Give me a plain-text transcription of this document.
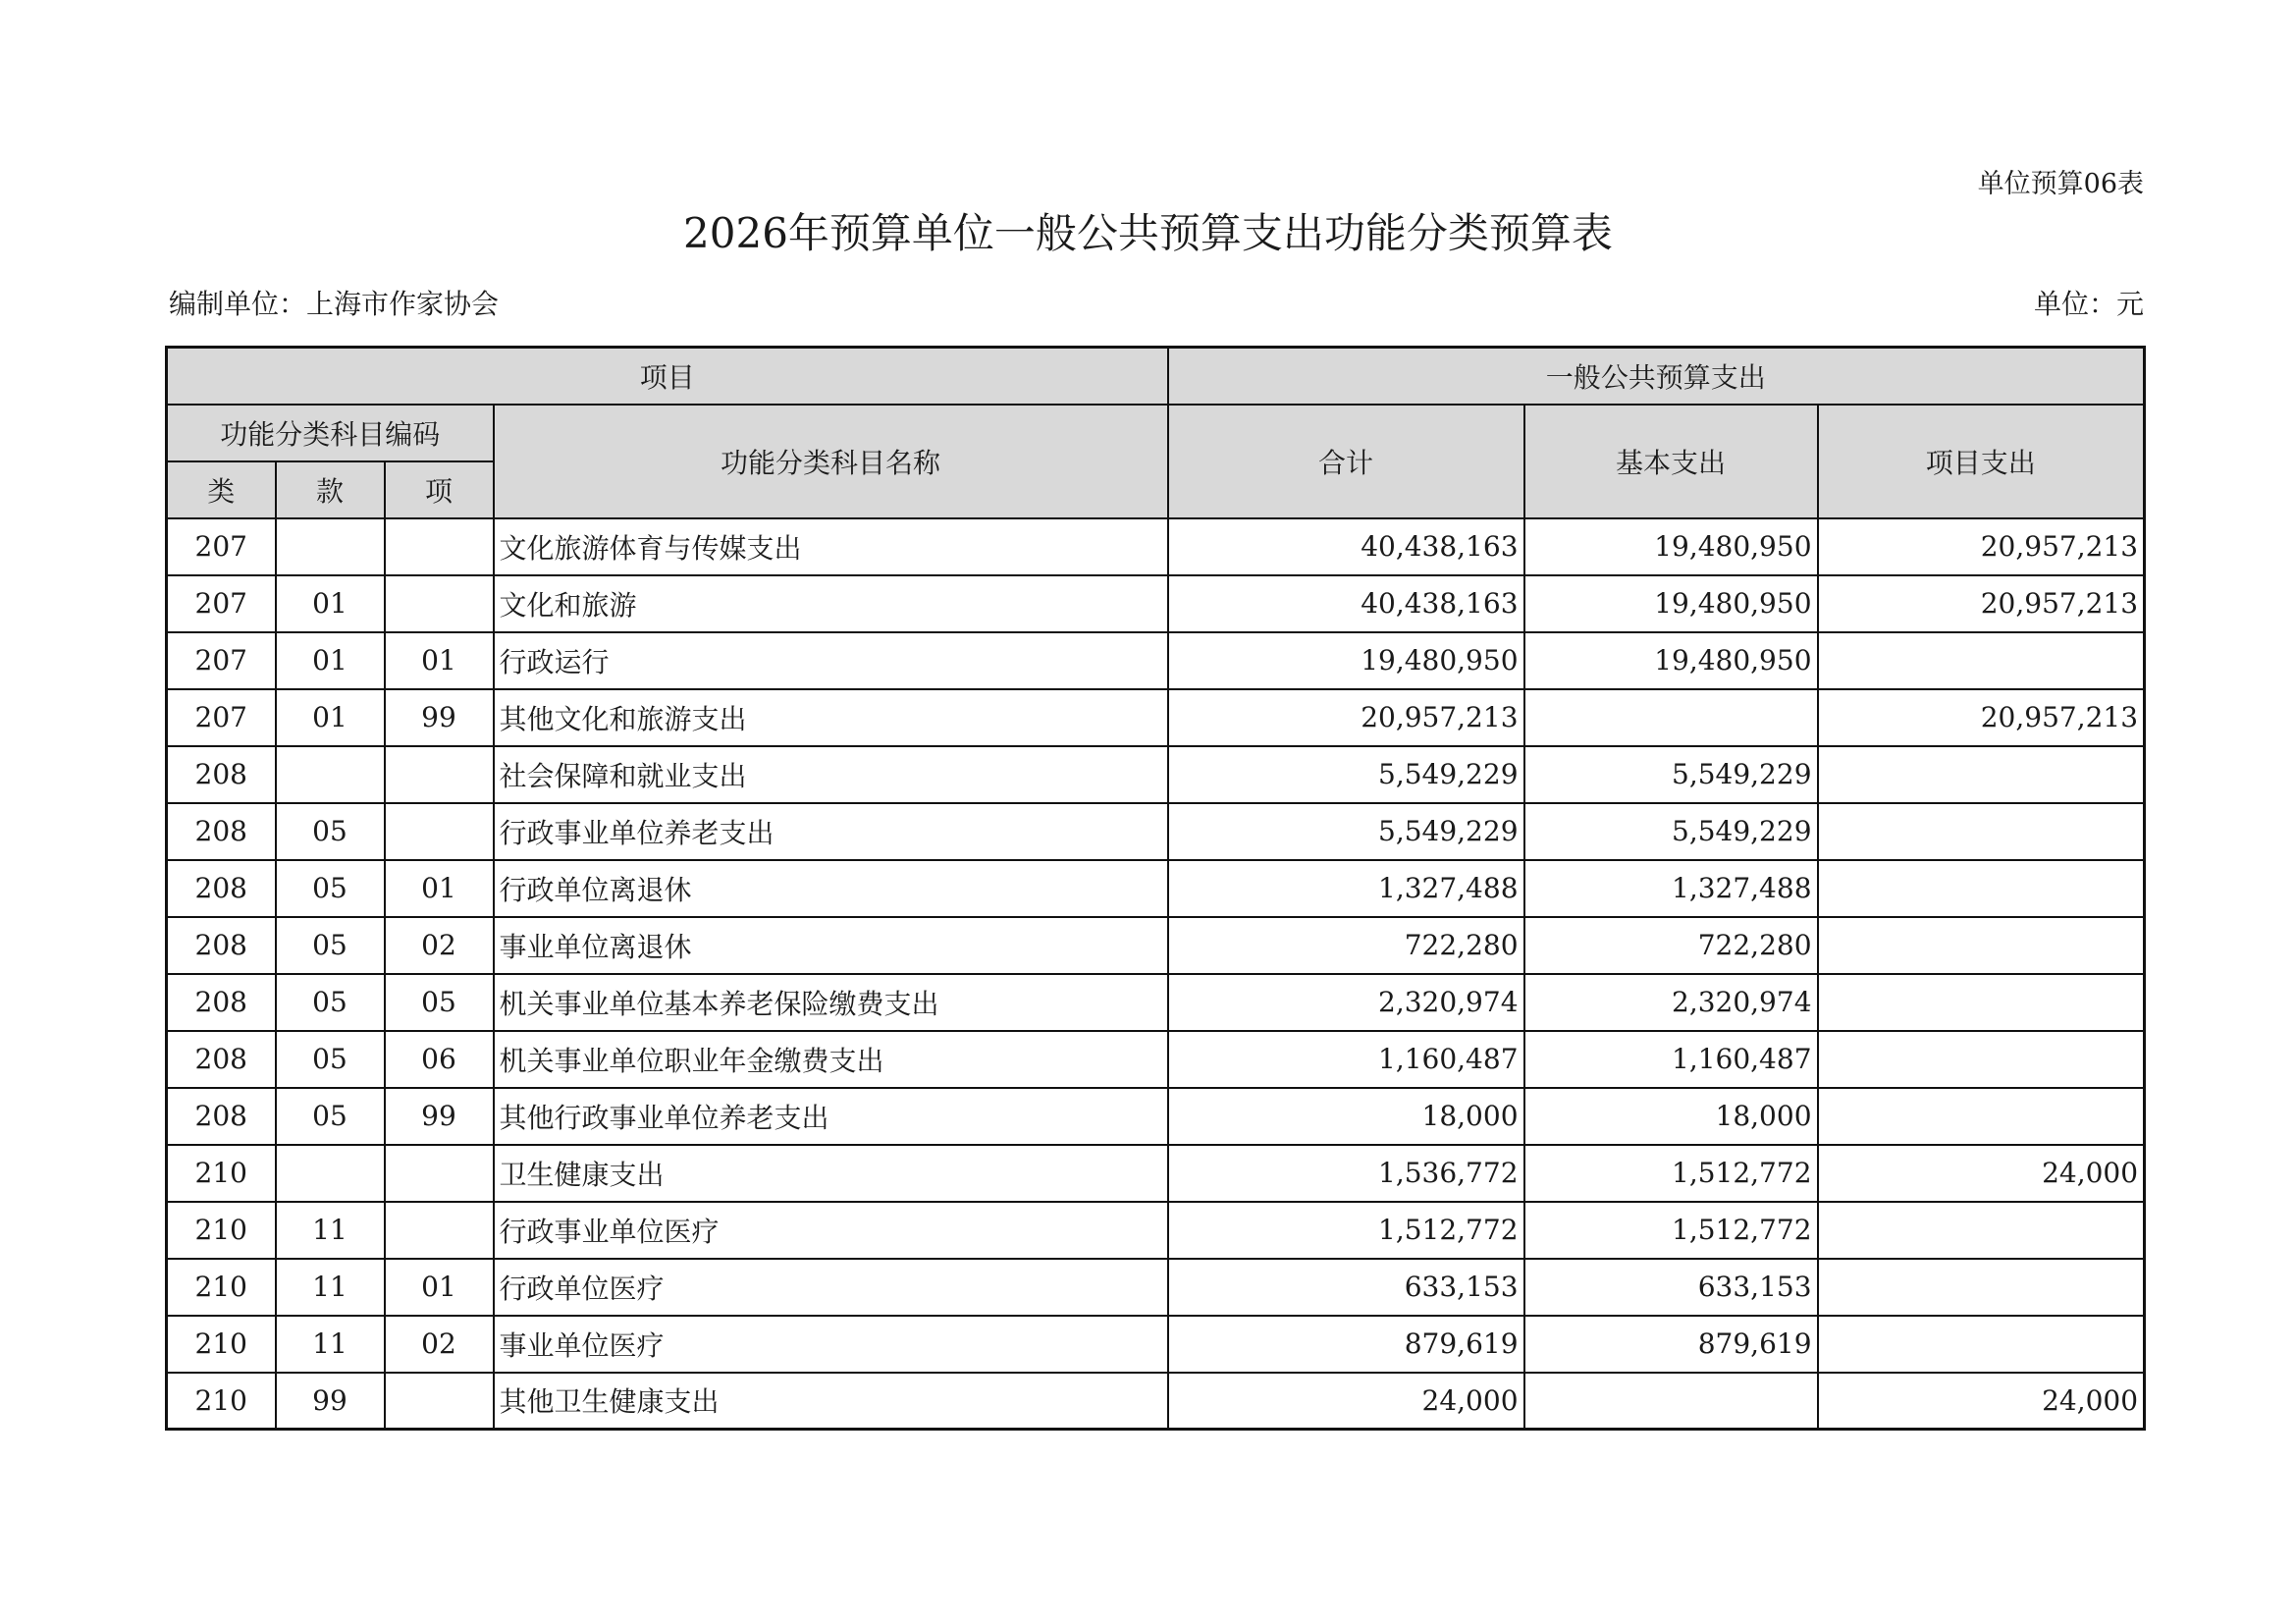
单位预算06表
2026年预算单位一般公共预算支出功能分类预算表
编制单位：上海市作家协会	单位：元
项目				一般公共预算支出		
功能分类科目编码			功能分类科目名称	合计	基本支出	项目支出
类	款	项				
207			文化旅游体育与传媒支出	40,438,163	19,480,950	20,957,213
207	01		文化和旅游	40,438,163	19,480,950	20,957,213
207	01	01	行政运行	19,480,950	19,480,950	
207	01	99	其他文化和旅游支出	20,957,213		20,957,213
208			社会保障和就业支出	5,549,229	5,549,229	
208	05		行政事业单位养老支出	5,549,229	5,549,229	
208	05	01	行政单位离退休	1,327,488	1,327,488	
208	05	02	事业单位离退休	722,280	722,280	
208	05	05	机关事业单位基本养老保险缴费支出	2,320,974	2,320,974	
208	05	06	机关事业单位职业年金缴费支出	1,160,487	1,160,487	
208	05	99	其他行政事业单位养老支出	18,000	18,000	
210			卫生健康支出	1,536,772	1,512,772	24,000
210	11		行政事业单位医疗	1,512,772	1,512,772	
210	11	01	行政单位医疗	633,153	633,153	
210	11	02	事业单位医疗	879,619	879,619	
210	99		其他卫生健康支出	24,000		24,000
